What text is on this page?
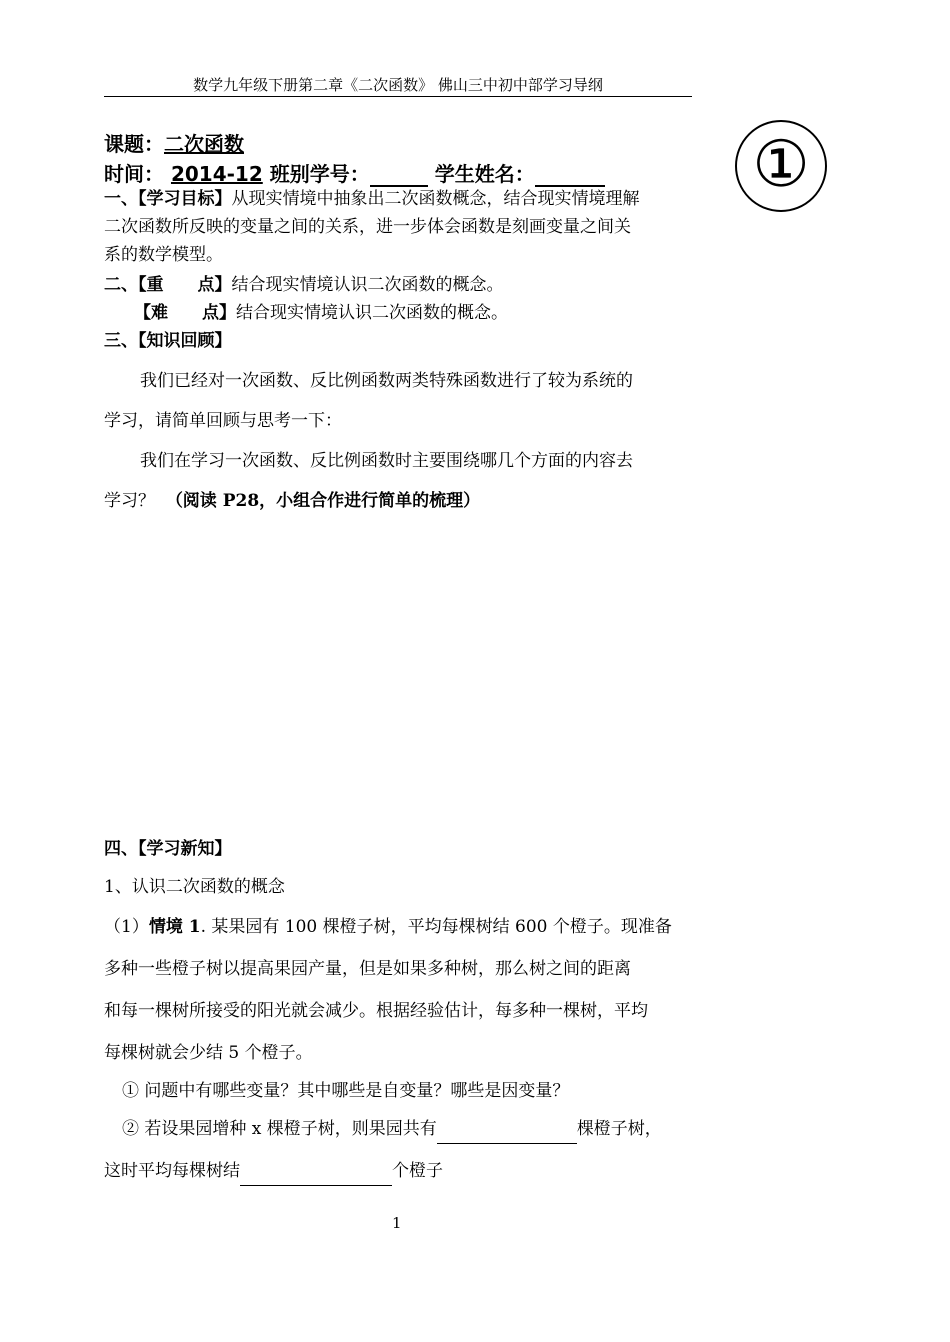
数学九年级下册第二章《二次函数》 佛山三中初中部学习导纲
①
课题：二次函数
时间： 2014-12 班别学号：	学生姓名：
一、【学习目标】从现实情境中抽象出二次函数概念，结合现实情境理解
二次函数所反映的变量之间的关系，进一步体会函数是刻画变量之间关
系的数学模型。
二、【重　　点】结合现实情境认识二次函数的概念。
【难　　点】结合现实情境认识二次函数的概念。
三、【知识回顾】
我们已经对一次函数、反比例函数两类特殊函数进行了较为系统的
学习，请简单回顾与思考一下：
我们在学习一次函数、反比例函数时主要围绕哪几个方面的内容去
学习？ （阅读 P28，小组合作进行简单的梳理）
四、【学习新知】
1、认识二次函数的概念
（1）情境 1. 某果园有 100 棵橙子树，平均每棵树结 600 个橙子。现准备
多种一些橙子树以提高果园产量，但是如果多种树，那么树之间的距离
和每一棵树所接受的阳光就会减少。根据经验估计，每多种一棵树，平均
每棵树就会少结 5 个橙子。
① 问题中有哪些变量？其中哪些是自变量？哪些是因变量？
② 若设果园增种 x 棵橙子树，则果园共有	棵橙子树，
这时平均每棵树结	个橙子
1
